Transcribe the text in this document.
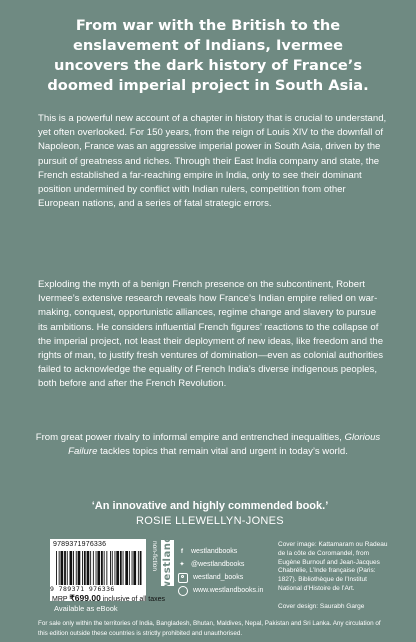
From war with the British to the enslavement of Indians, Ivermee uncovers the dark history of France’s doomed imperial project in South Asia.

This is a powerful new account of a chapter in history that is crucial to understand, yet often overlooked. For 150 years, from the reign of Louis XIV to the downfall of Napoleon, France was an aggressive imperial power in South Asia, driven by the pursuit of greatness and riches. Through their East India company and state, the French established a far-reaching empire in India, only to see their dominant position undermined by conflict with Indian rulers, competition from other European nations, and a series of fatal strategic errors.

Exploding the myth of a benign French presence on the subcontinent, Robert Ivermee’s extensive research reveals how France’s Indian empire relied on war-making, conquest, opportunistic alliances, regime change and slavery to pursue its ambitions. He considers influential French figures’ reactions to the collapse of the imperial project, not least their deployment of new ideas, like freedom and the rights of man, to justify fresh ventures of domination—even as colonial authorities failed to acknowledge the equality of French India’s diverse indigenous peoples, both before and after the French Revolution.

From great power rivalry to informal empire and entrenched inequalities, Glorious Failure tackles topics that remain vital and urgent in today’s world.

‘An innovative and highly commended book.’

ROSIE LLEWELLYN-JONES

9789371976336
9 789371 976336
MRP ₹699.00 inclusive of all taxes
non-fiction
Available as eBook
westland	f	westlandbooks
✦ @westlandbooks
westland_books
www.westlandbooks.in

Cover image: Kattamaram ou Radeau de la côte de Coromandel, from Eugène Burnouf and Jean-Jacques Chabrélie, L’Inde française (Paris: 1827). Bibliothèque de l’Institut National d’Histoire de l’Art.

Cover design: Saurabh Garge

For sale only within the territories of India, Bangladesh, Bhutan, Maldives, Nepal, Pakistan and Sri Lanka. Any circulation of this edition outside these countries is strictly prohibited and unauthorised.
